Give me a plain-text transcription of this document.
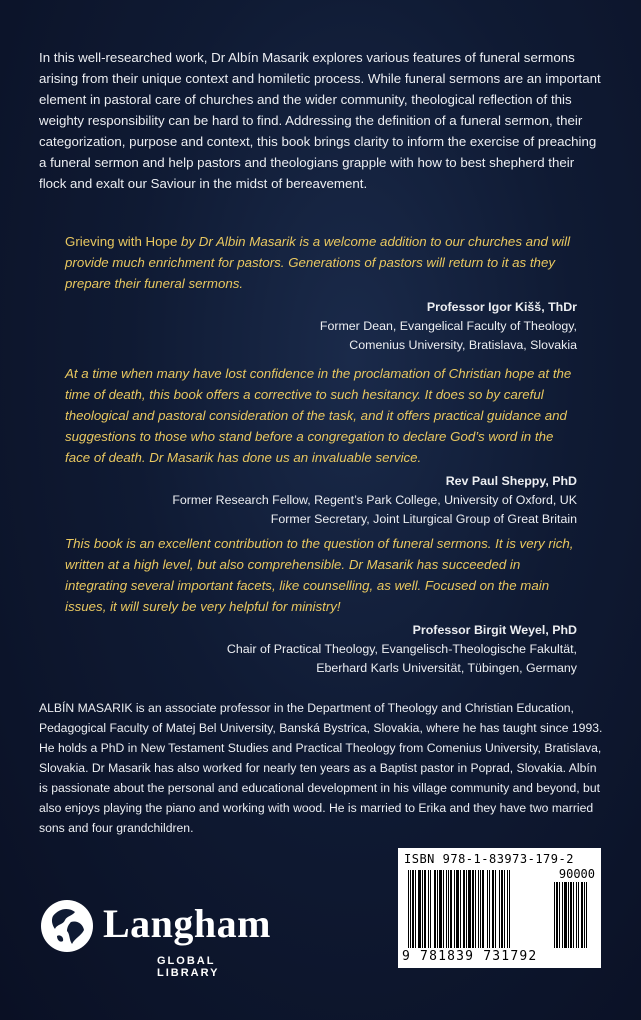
In this well-researched work, Dr Albín Masarik explores various features of funeral sermons arising from their unique context and homiletic process. While funeral sermons are an important element in pastoral care of churches and the wider community, theological reflection of this weighty responsibility can be hard to find. Addressing the definition of a funeral sermon, their categorization, purpose and context, this book brings clarity to inform the exercise of preaching a funeral sermon and help pastors and theologians grapple with how to best shepherd their flock and exalt our Saviour in the midst of bereavement.

Grieving with Hope by Dr Albin Masarik is a welcome addition to our churches and will provide much enrichment for pastors. Generations of pastors will return to it as they prepare their funeral sermons.
Professor Igor Kišš, ThDr
Former Dean, Evangelical Faculty of Theology,
Comenius University, Bratislava, Slovakia
At a time when many have lost confidence in the proclamation of Christian hope at the time of death, this book offers a corrective to such hesitancy. It does so by careful theological and pastoral consideration of the task, and it offers practical guidance and suggestions to those who stand before a congregation to declare God’s word in the face of death. Dr Masarik has done us an invaluable service.
Rev Paul Sheppy, PhD
Former Research Fellow, Regent’s Park College, University of Oxford, UK
Former Secretary, Joint Liturgical Group of Great Britain
This book is an excellent contribution to the question of funeral sermons. It is very rich, written at a high level, but also comprehensible. Dr Masarik has succeeded in integrating several important facets, like counselling, as well. Focused on the main issues, it will surely be very helpful for ministry!
Professor Birgit Weyel, PhD
Chair of Practical Theology, Evangelisch-Theologische Fakultät,
Eberhard Karls Universität, Tübingen, Germany

ALBÍN MASARIK is an associate professor in the Department of Theology and Christian Education, Pedagogical Faculty of Matej Bel University, Banská Bystrica, Slovakia, where he has taught since 1993. He holds a PhD in New Testament Studies and Practical Theology from Comenius University, Bratislava, Slovakia. Dr Masarik has also worked for nearly ten years as a Baptist pastor in Poprad, Slovakia. Albín is passionate about the personal and educational development in his village community and beyond, but also enjoys playing the piano and working with wood. He is married to Erika and they have two married sons and four grandchildren.

Langham
GLOBAL LIBRARY
ISBN 978-1-83973-179-2
90000
9 781839 731792
